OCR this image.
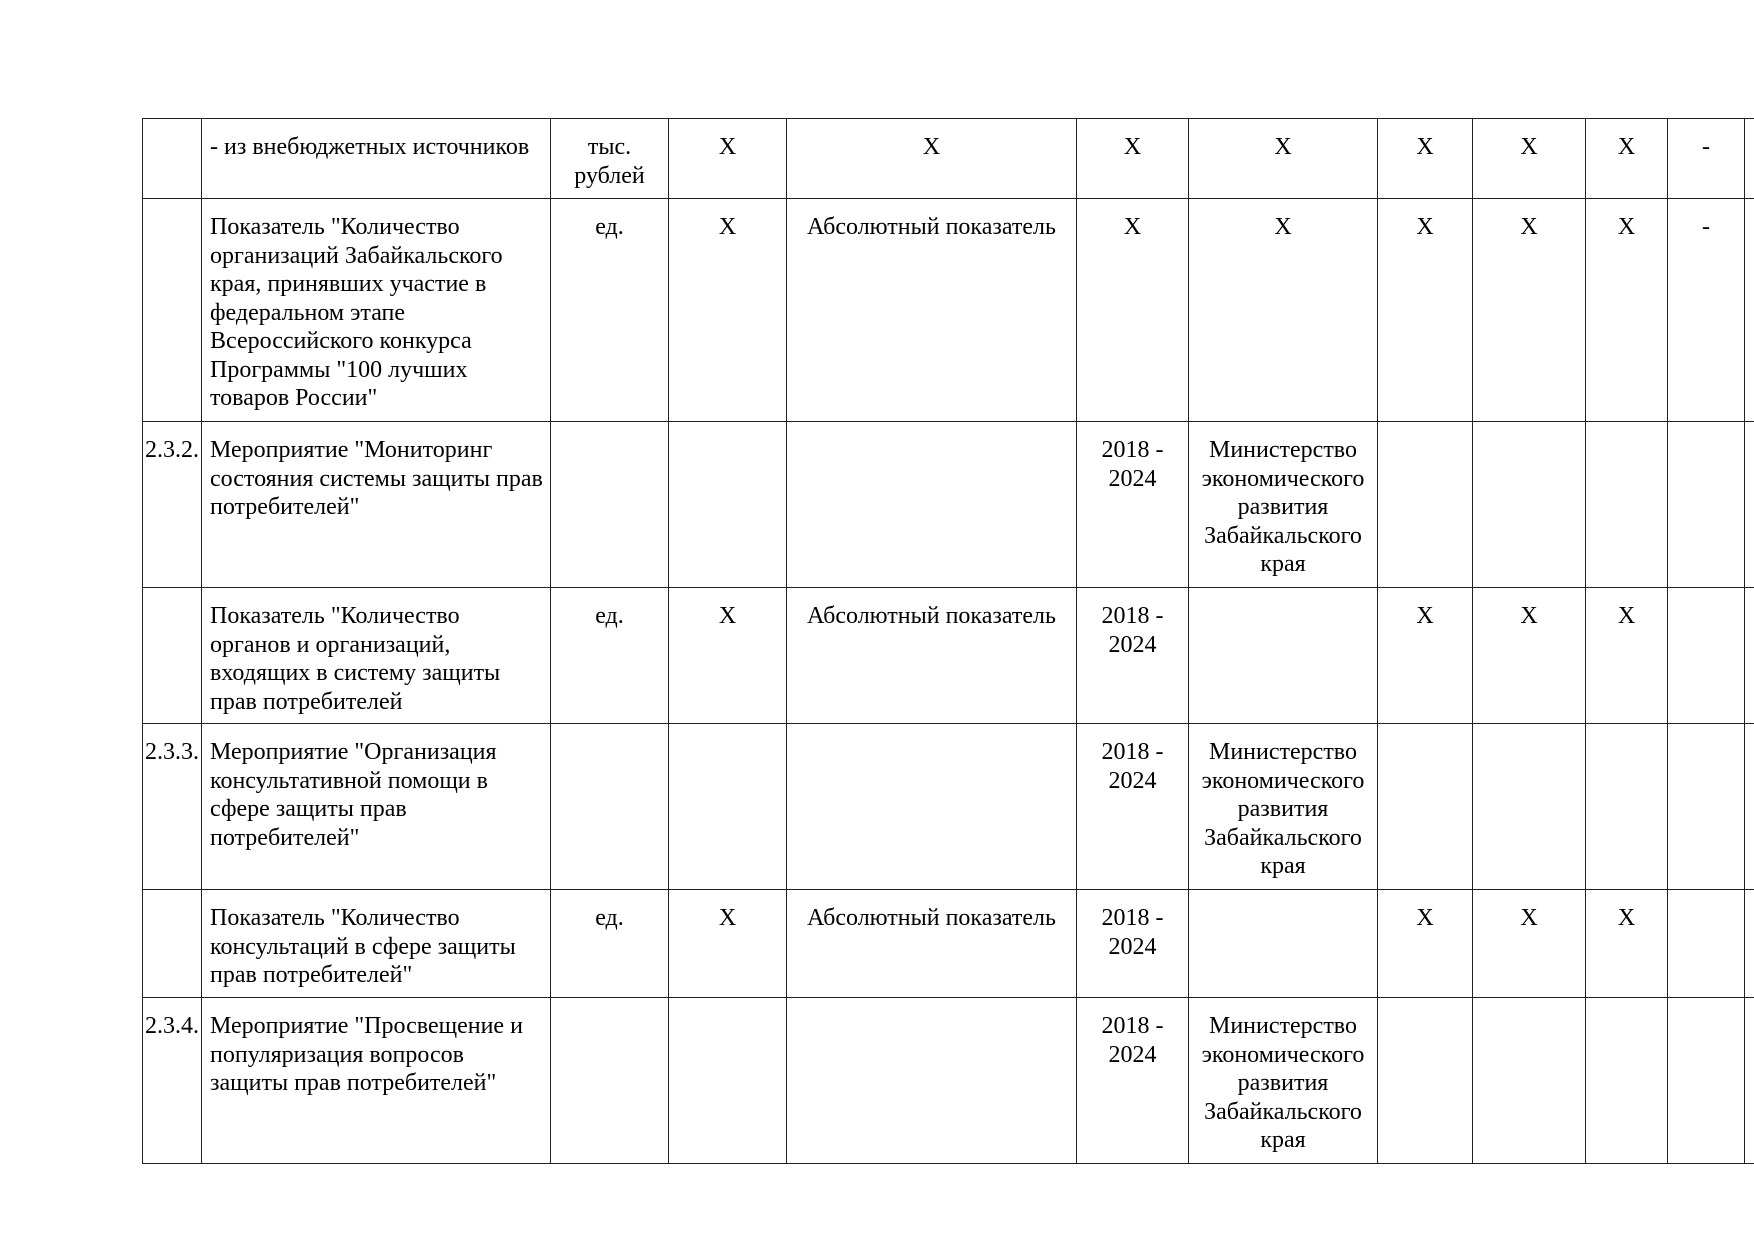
	- из внебюджетных источников	тыс. рублей	Х	Х	Х	Х	Х	Х	Х	-	
	Показатель "Количество организаций Забайкальского края, принявших участие в федеральном этапе Всероссийского конкурса Программы "100 лучших товаров России"	ед.	Х	Абсолютный показатель	Х	Х	Х	Х	Х	-	
2.3.2.	Мероприятие "Мониторинг состояния системы защиты прав потребителей"				2018 - 2024	Министерство экономического развития Забайкальского края					
	Показатель "Количество органов и организаций, входящих в систему защиты прав потребителей	ед.	Х	Абсолютный показатель	2018 - 2024		Х	Х	Х		
2.3.3.	Мероприятие "Организация консультативной помощи в сфере защиты прав потребителей"				2018 - 2024	Министерство экономического развития Забайкальского края					
	Показатель "Количество консультаций в сфере защиты прав потребителей"	ед.	Х	Абсолютный показатель	2018 - 2024		Х	Х	Х		
2.3.4.	Мероприятие "Просвещение и популяризация вопросов защиты прав потребителей"				2018 - 2024	Министерство экономического развития Забайкальского края					
